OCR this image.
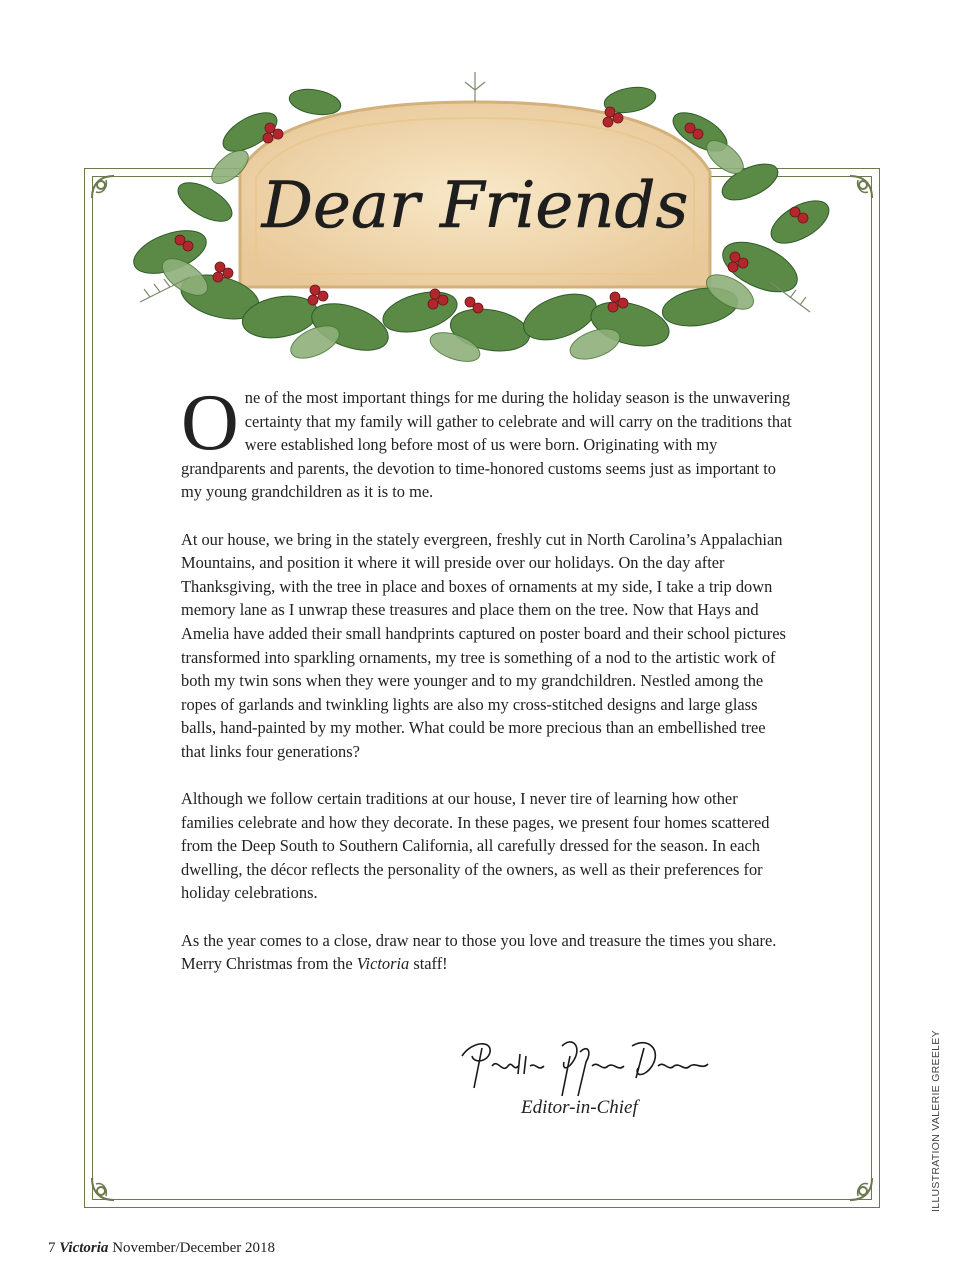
Dear Friends

One of the most important things for me during the holiday season is the unwavering certainty that my family will gather to celebrate and will carry on the traditions that were established long before most of us were born. Originating with my grandparents and parents, the devotion to time-honored customs seems just as important to my young grandchildren as it is to me.

At our house, we bring in the stately evergreen, freshly cut in North Carolina’s Appalachian Mountains, and position it where it will preside over our holidays. On the day after Thanksgiving, with the tree in place and boxes of ornaments at my side, I take a trip down memory lane as I unwrap these treasures and place them on the tree. Now that Hays and Amelia have added their small handprints captured on poster board and their school pictures transformed into sparkling ornaments, my tree is something of a nod to the artistic work of both my twin sons when they were younger and to my grandchildren. Nestled among the ropes of garlands and twinkling lights are also my cross-stitched designs and large glass balls, hand-painted by my mother. What could be more precious than an embellished tree that links four generations?

Although we follow certain traditions at our house, I never tire of learning how other families celebrate and how they decorate. In these pages, we present four homes scattered from the Deep South to Southern California, all carefully dressed for the season. In each dwelling, the décor reflects the personality of the owners, as well as their preferences for holiday celebrations.

As the year comes to a close, draw near to those you love and treasure the times you share. Merry Christmas from the Victoria staff!

Editor-in-Chief	ILLUSTRATION VALERIE GREELEY
7 Victoria November/December 2018
